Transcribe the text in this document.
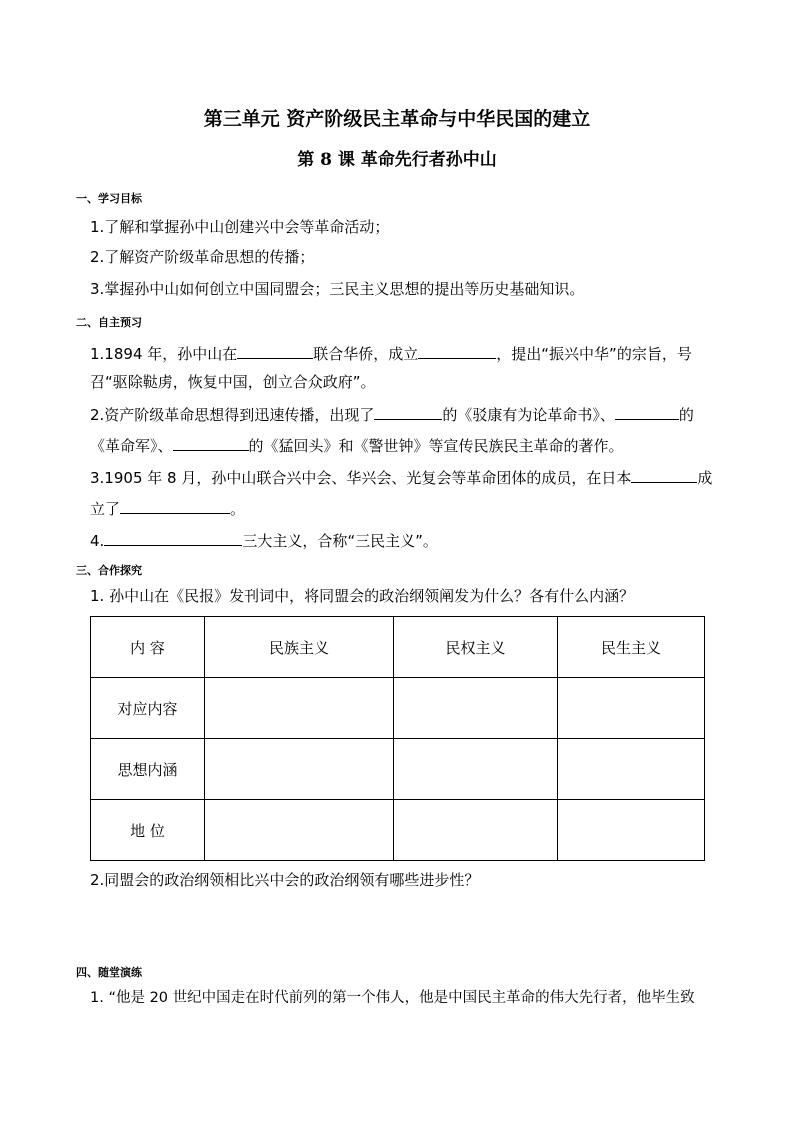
第三单元 资产阶级民主革命与中华民国的建立
第 8 课 革命先行者孙中山
一、学习目标
1.了解和掌握孙中山创建兴中会等革命活动；
2.了解资产阶级革命思想的传播；
3.掌握孙中山如何创立中国同盟会；三民主义思想的提出等历史基础知识。
二、自主预习
1.1894 年，孙中山在	联合华侨，成立	，提出“振兴中华”的宗旨，号
召“驱除鞑虏，恢复中国，创立合众政府”。
2.资产阶级革命思想得到迅速传播，出现了	的《驳康有为论革命书》、	的
《革命军》、	的《猛回头》和《警世钟》等宣传民族民主革命的著作。
3.1905 年 8 月，孙中山联合兴中会、华兴会、光复会等革命团体的成员，在日本	成
立了	。
4.	三大主义，合称“三民主义”。
三、合作探究
1. 孙中山在《民报》发刊词中，将同盟会的政治纲领阐发为什么？各有什么内涵？
内 容	民族主义	民权主义	民生主义
对应内容			
思想内涵			
地 位			
2.同盟会的政治纲领相比兴中会的政治纲领有哪些进步性？
四、随堂演练
1. “他是 20 世纪中国走在时代前列的第一个伟人，他是中国民主革命的伟大先行者，他毕生致
